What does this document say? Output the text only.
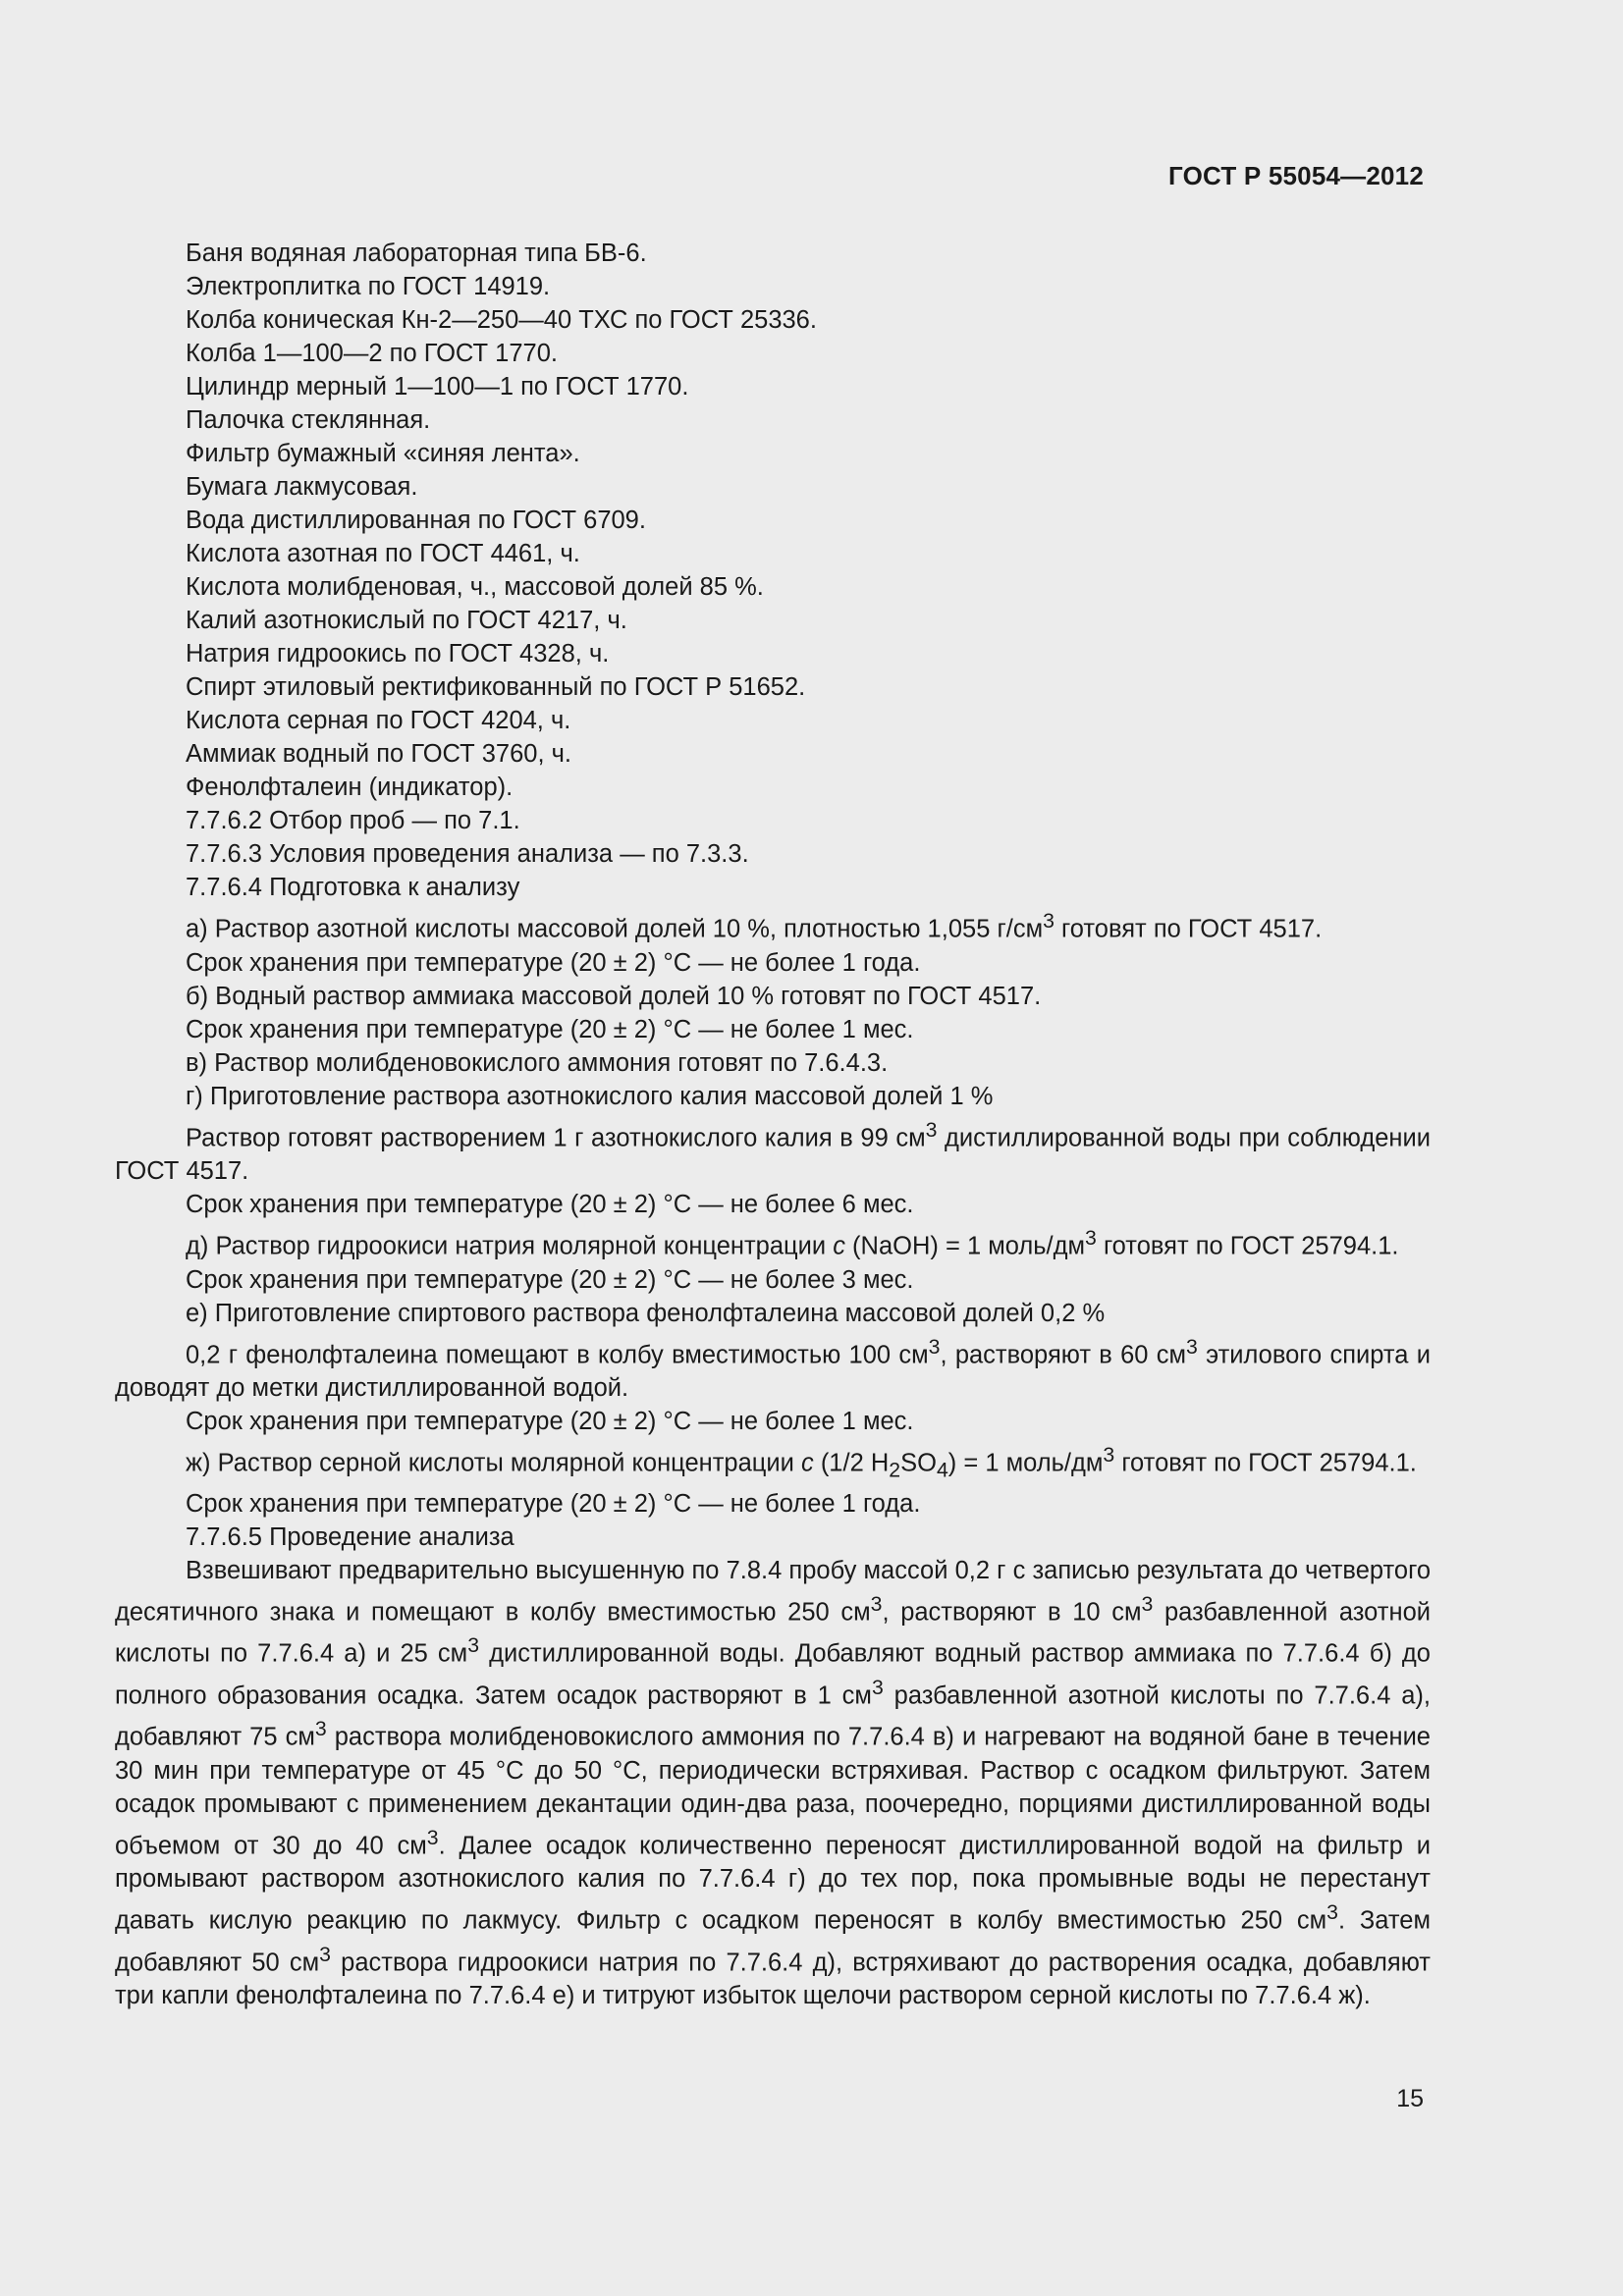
ГОСТ Р 55054—2012

Баня водяная лабораторная типа БВ-6.

Электроплитка по ГОСТ 14919.

Колба коническая Кн-2—250—40 ТХС по ГОСТ 25336.

Колба 1—100—2 по ГОСТ 1770.

Цилиндр мерный 1—100—1 по ГОСТ 1770.

Палочка стеклянная.

Фильтр бумажный «синяя лента».

Бумага лакмусовая.

Вода дистиллированная по ГОСТ 6709.

Кислота азотная по ГОСТ 4461, ч.

Кислота молибденовая, ч., массовой долей 85 %.

Калий азотнокислый по ГОСТ 4217, ч.

Натрия гидроокись по ГОСТ 4328, ч.

Спирт этиловый ректификованный по ГОСТ Р 51652.

Кислота серная по ГОСТ 4204, ч.

Аммиак водный по ГОСТ 3760, ч.

Фенолфталеин (индикатор).

7.7.6.2 Отбор проб — по 7.1.

7.7.6.3 Условия проведения анализа — по 7.3.3.

7.7.6.4 Подготовка к анализу

а) Раствор азотной кислоты массовой долей 10 %, плотностью 1,055 $г/см^3$ готовят по ГОСТ 4517.

Срок хранения при температуре (20 ± 2) °C — не более 1 года.

б) Водный раствор аммиака массовой долей 10 % готовят по ГОСТ 4517.

Срок хранения при температуре (20 ± 2) °C — не более 1 мес.

в) Раствор молибденовокислого аммония готовят по 7.6.4.3.

г) Приготовление раствора азотнокислого калия массовой долей 1 %

Раствор готовят растворением 1 г азотнокислого калия в 99 $см^3$ дистиллированной воды при соблюдении ГОСТ 4517.

Срок хранения при температуре (20 ± 2) °C — не более 6 мес.

д) Раствор гидроокиси натрия молярной концентрации c (NaOH) = 1 моль/$дм^3$ готовят по ГОСТ 25794.1.

Срок хранения при температуре (20 ± 2) °C — не более 3 мес.

е) Приготовление спиртового раствора фенолфталеина массовой долей 0,2 %

0,2 г фенолфталеина помещают в колбу вместимостью 100 $см^3$, растворяют в 60 $см^3$ этилового спирта и доводят до метки дистиллированной водой.

Срок хранения при температуре (20 ± 2) °C — не более 1 мес.

ж) Раствор серной кислоты молярной концентрации c (1/2 $H_2SO_4) = 1$ моль/$дм^3$ готовят по ГОСТ 25794.1.

Срок хранения при температуре (20 ± 2) °C — не более 1 года.

7.7.6.5 Проведение анализа

Взвешивают предварительно высушенную по 7.8.4 пробу массой 0,2 г с записью результата до четвертого десятичного знака и помещают в колбу вместимостью 250 $см^3$, растворяют в 10 $см^3$ разбавленной азотной кислоты по 7.7.6.4 а) и 25 $см^3$ дистиллированной воды. Добавляют водный раствор аммиака по 7.7.6.4 б) до полного образования осадка. Затем осадок растворяют в 1 $см^3$ разбавленной азотной кислоты по 7.7.6.4 а), добавляют 75 $см^3$ раствора молибденовокислого аммония по 7.7.6.4 в) и нагревают на водяной бане в течение 30 мин при температуре от 45 °C до 50 °C, периодически встряхивая. Раствор с осадком фильтруют. Затем осадок промывают с применением декантации один-два раза, поочередно, порциями дистиллированной воды объемом от 30 до 40 $см^3$. Далее осадок количественно переносят дистиллированной водой на фильтр и промывают раствором азотнокислого калия по 7.7.6.4 г) до тех пор, пока промывные воды не перестанут давать кислую реакцию по лакмусу. Фильтр с осадком переносят в колбу вместимостью 250 $см^3$. Затем добавляют 50 $см^3$ раствора гидроокиси натрия по 7.7.6.4 д), встряхивают до растворения осадка, добавляют три капли фенолфталеина по 7.7.6.4 е) и титруют избыток щелочи раствором серной кислоты по 7.7.6.4 ж).

15
